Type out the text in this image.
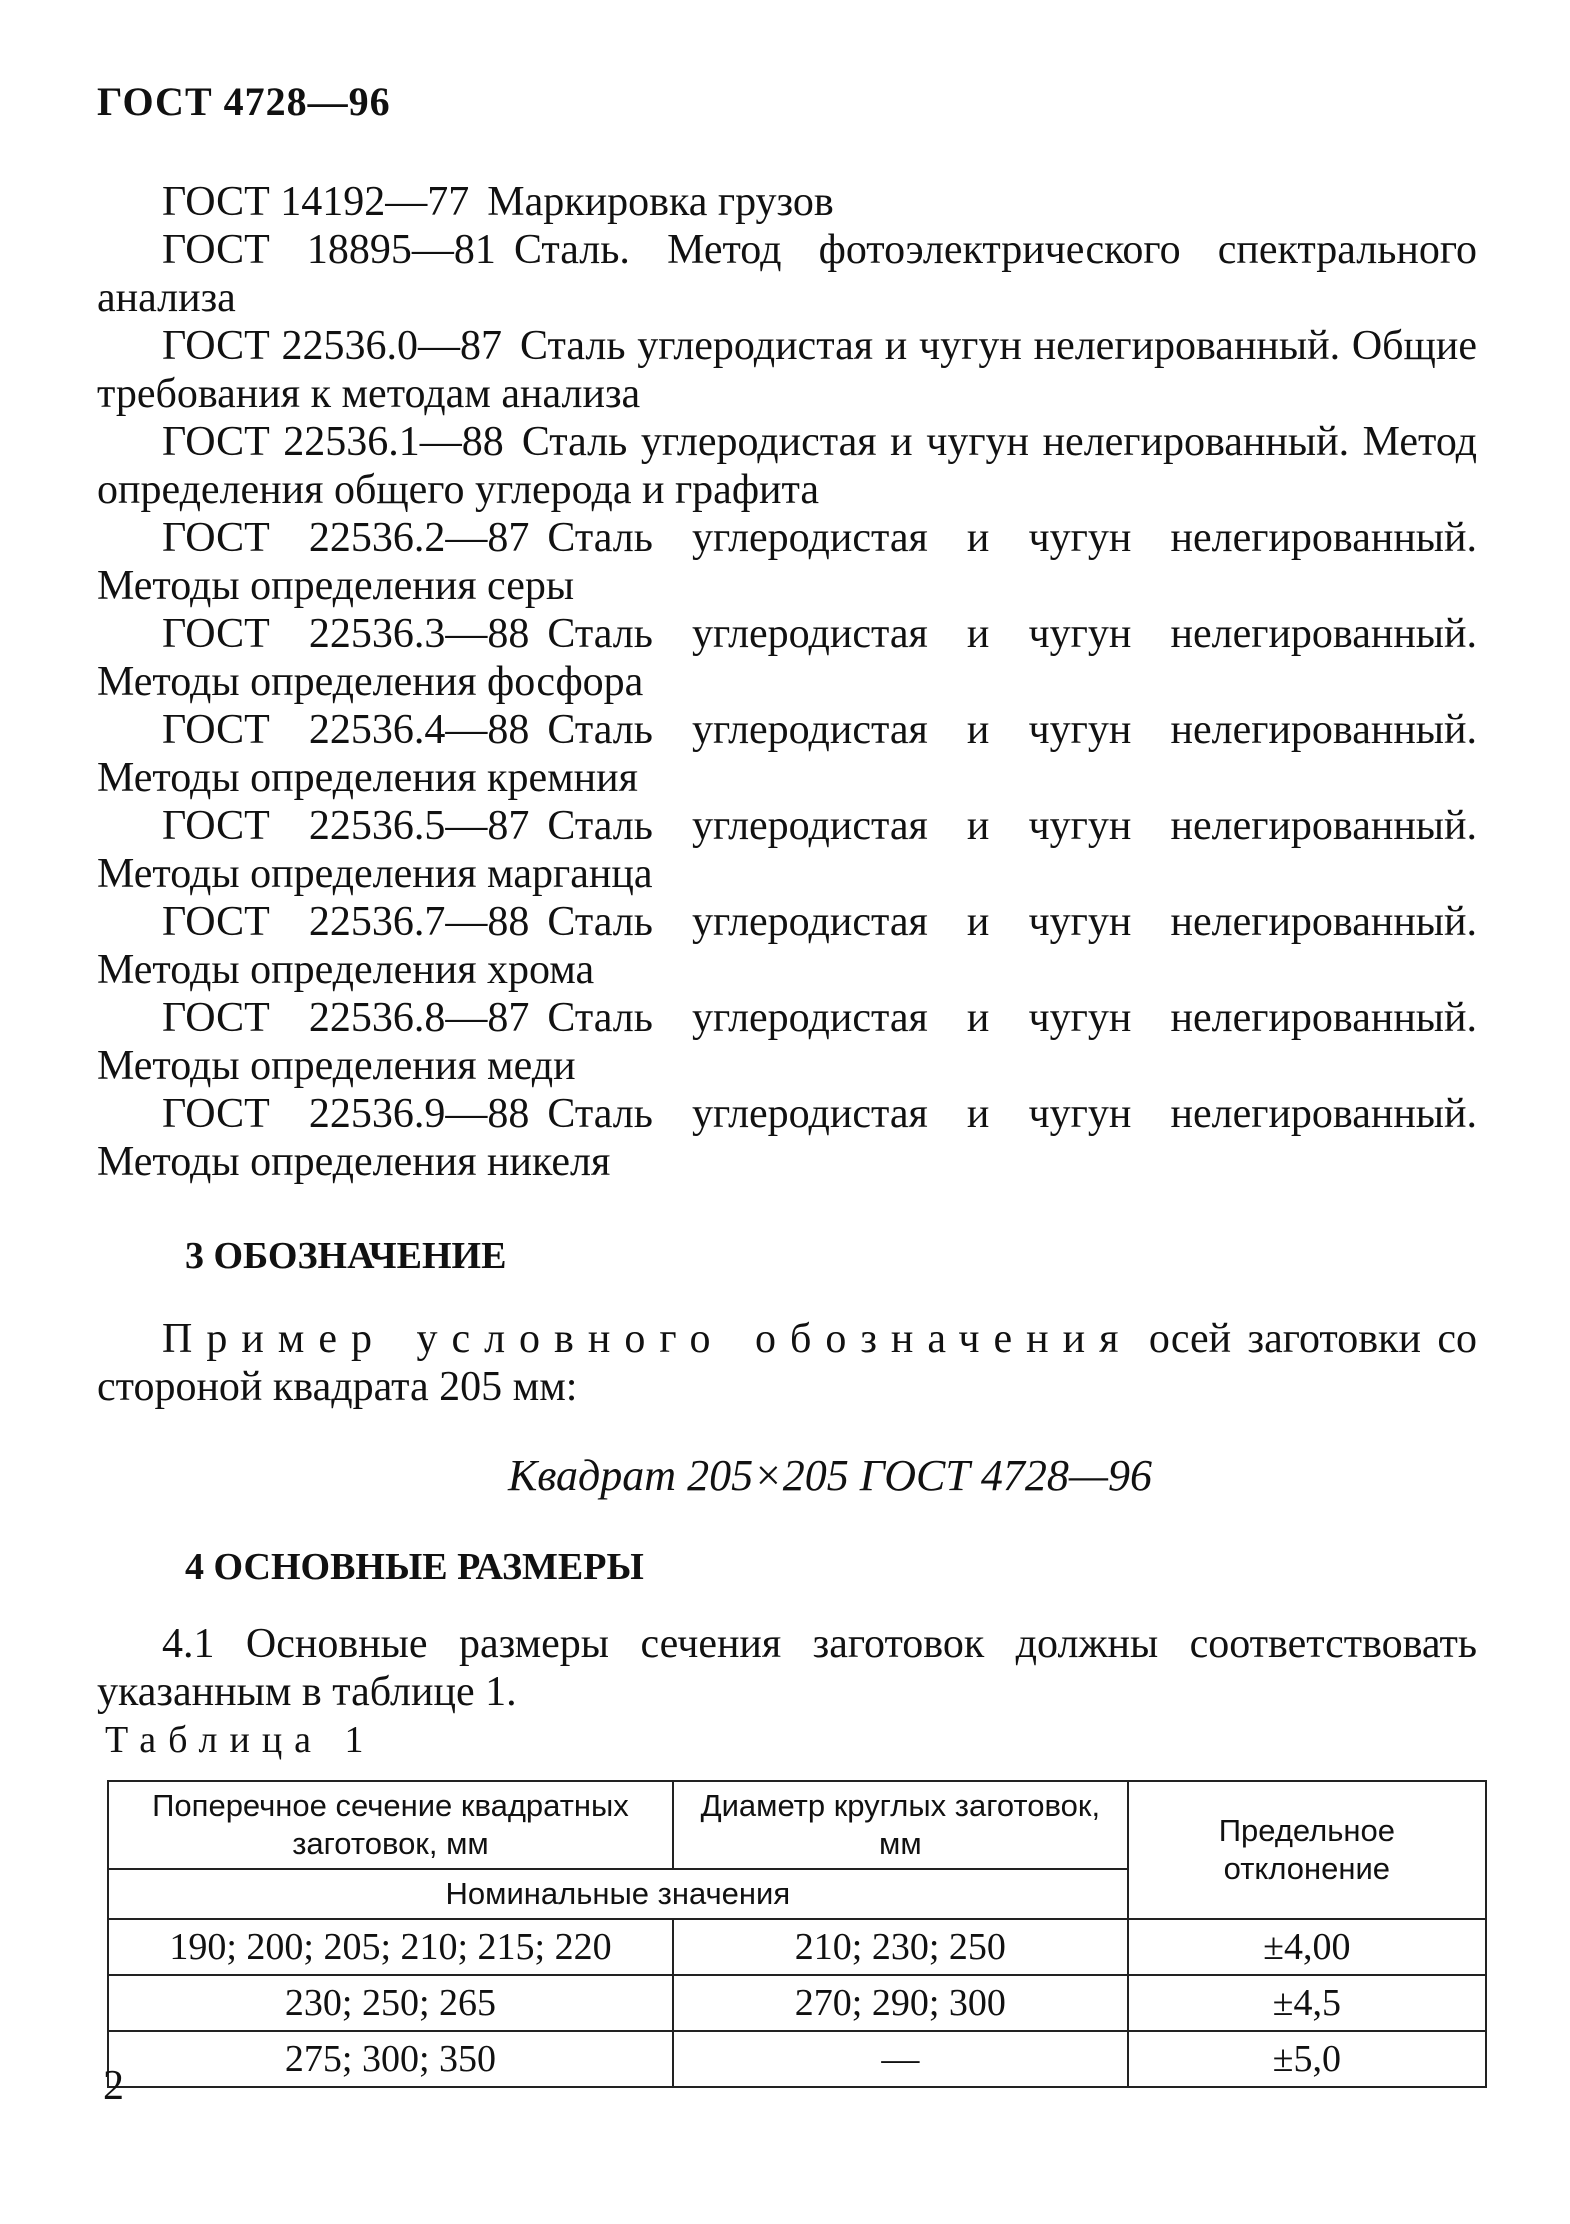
ГОСТ 4728—96

ГОСТ 14192—77 Маркировка грузов

ГОСТ 18895—81 Сталь. Метод фотоэлектрического спектрального анализа

ГОСТ 22536.0—87 Сталь углеродистая и чугун нелегированный. Общие требования к методам анализа

ГОСТ 22536.1—88 Сталь углеродистая и чугун нелегированный. Метод определения общего углерода и графита

ГОСТ 22536.2—87 Сталь углеродистая и чугун нелегированный. Методы определения серы

ГОСТ 22536.3—88 Сталь углеродистая и чугун нелегированный. Методы определения фосфора

ГОСТ 22536.4—88 Сталь углеродистая и чугун нелегированный. Методы определения кремния

ГОСТ 22536.5—87 Сталь углеродистая и чугун нелегированный. Методы определения марганца

ГОСТ 22536.7—88 Сталь углеродистая и чугун нелегированный. Методы определения хрома

ГОСТ 22536.8—87 Сталь углеродистая и чугун нелегированный. Методы определения меди

ГОСТ 22536.9—88 Сталь углеродистая и чугун нелегированный. Методы определения никеля

3 ОБОЗНАЧЕНИЕ

Пример условного обозначения осей заготовки со стороной квадрата 205 мм:

Квадрат 205×205 ГОСТ 4728—96
4 ОСНОВНЫЕ РАЗМЕРЫ

4.1 Основные размеры сечения заготовок должны соответствовать указанным в таблице 1.

Таблица 1
Поперечное сечение квадратных заготовок, мм	Диаметр круглых заготовок, мм	Предельное отклонение
Номинальные значения		
190; 200; 205; 210; 215; 220	210; 230; 250	±4,00
230; 250; 265	270; 290; 300	±4,5
275; 300; 350	—	±5,0
2
